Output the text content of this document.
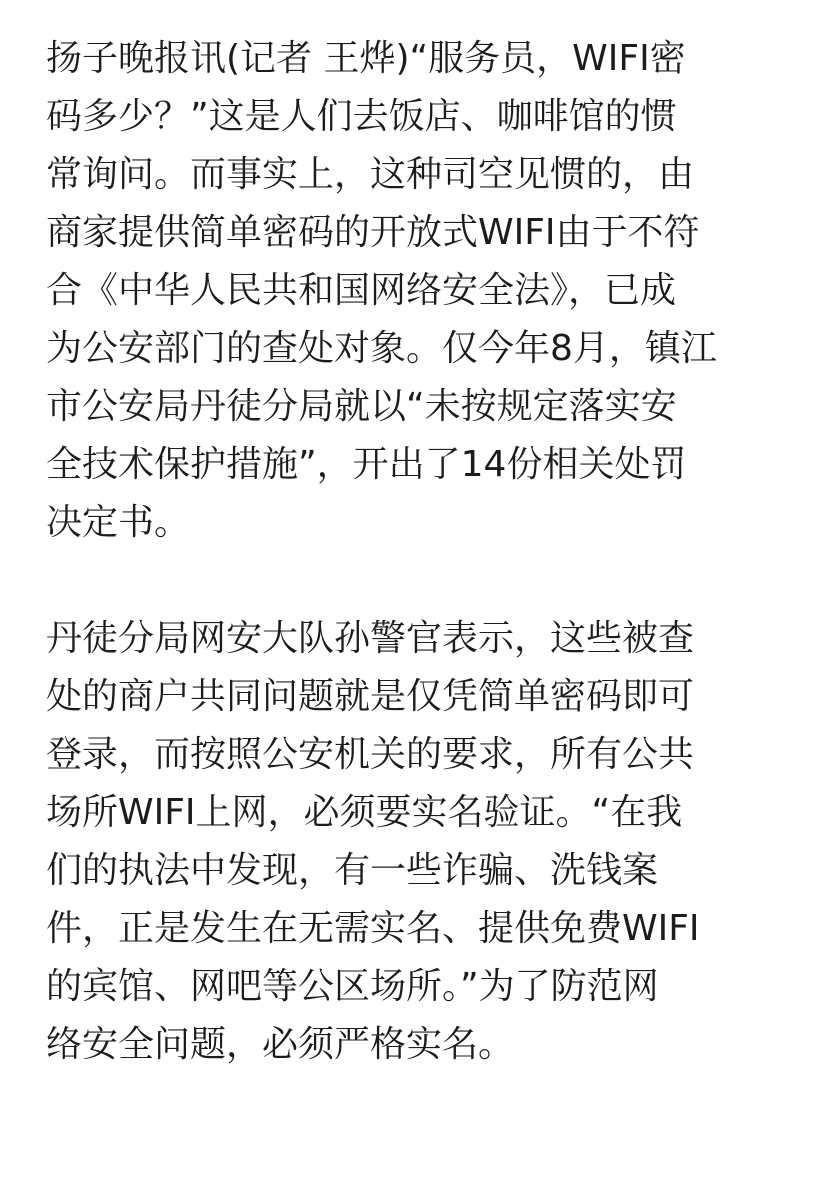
扬子晚报讯(记者 王烨)“服务员，WIFI密
码多少？”这是人们去饭店、咖啡馆的惯
常询问。而事实上，这种司空见惯的，由
商家提供简单密码的开放式WIFI由于不符
合《中华人民共和国网络安全法》，已成
为公安部门的查处对象。仅今年8月，镇江
市公安局丹徒分局就以“未按规定落实安
全技术保护措施”，开出了14份相关处罚
决定书。

丹徒分局网安大队孙警官表示，这些被查
处的商户共同问题就是仅凭简单密码即可
登录，而按照公安机关的要求，所有公共
场所WIFI上网，必须要实名验证。“在我
们的执法中发现，有一些诈骗、洗钱案
件，正是发生在无需实名、提供免费WIFI
的宾馆、网吧等公区场所。”为了防范网
络安全问题，必须严格实名。
